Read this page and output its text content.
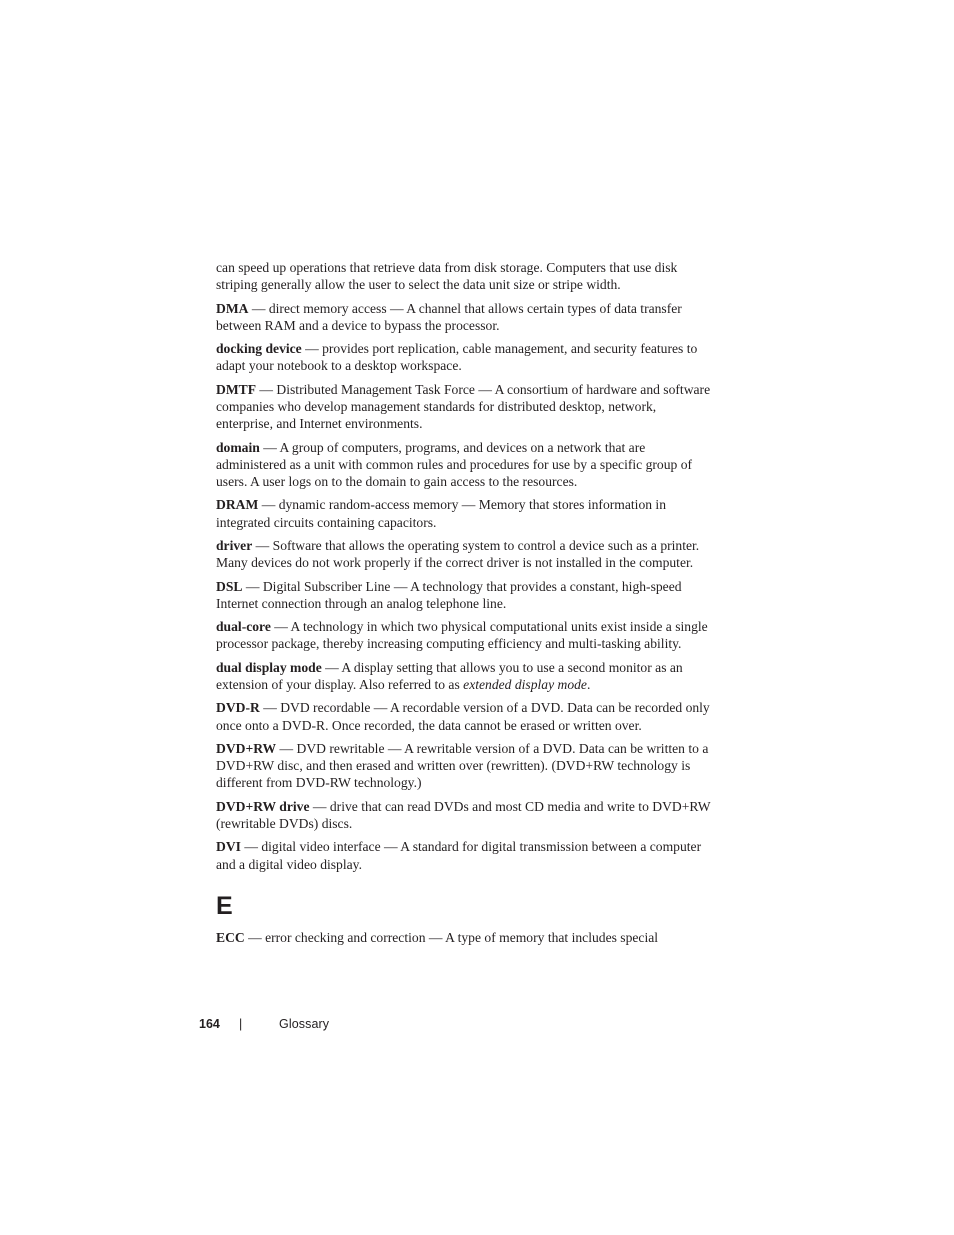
can speed up operations that retrieve data from disk storage. Computers that use disk striping generally allow the user to select the data unit size or stripe width.

DMA — direct memory access — A channel that allows certain types of data transfer between RAM and a device to bypass the processor.

docking device — provides port replication, cable management, and security features to adapt your notebook to a desktop workspace.

DMTF — Distributed Management Task Force — A consortium of hardware and software companies who develop management standards for distributed desktop, network, enterprise, and Internet environments.

domain — A group of computers, programs, and devices on a network that are administered as a unit with common rules and procedures for use by a specific group of users. A user logs on to the domain to gain access to the resources.

DRAM — dynamic random-access memory — Memory that stores information in integrated circuits containing capacitors.

driver — Software that allows the operating system to control a device such as a printer. Many devices do not work properly if the correct driver is not installed in the computer.

DSL — Digital Subscriber Line — A technology that provides a constant, high-speed Internet connection through an analog telephone line.

dual-core — A technology in which two physical computational units exist inside a single processor package, thereby increasing computing efficiency and multi-tasking ability.

dual display mode — A display setting that allows you to use a second monitor as an extension of your display. Also referred to as extended display mode.

DVD-R — DVD recordable — A recordable version of a DVD. Data can be recorded only once onto a DVD-R. Once recorded, the data cannot be erased or written over.

DVD+RW — DVD rewritable — A rewritable version of a DVD. Data can be written to a DVD+RW disc, and then erased and written over (rewritten). (DVD+RW technology is different from DVD-RW technology.)

DVD+RW drive — drive that can read DVDs and most CD media and write to DVD+RW (rewritable DVDs) discs.

DVI — digital video interface — A standard for digital transmission between a computer and a digital video display.

E

ECC — error checking and correction — A type of memory that includes special

164	|	Glossary
